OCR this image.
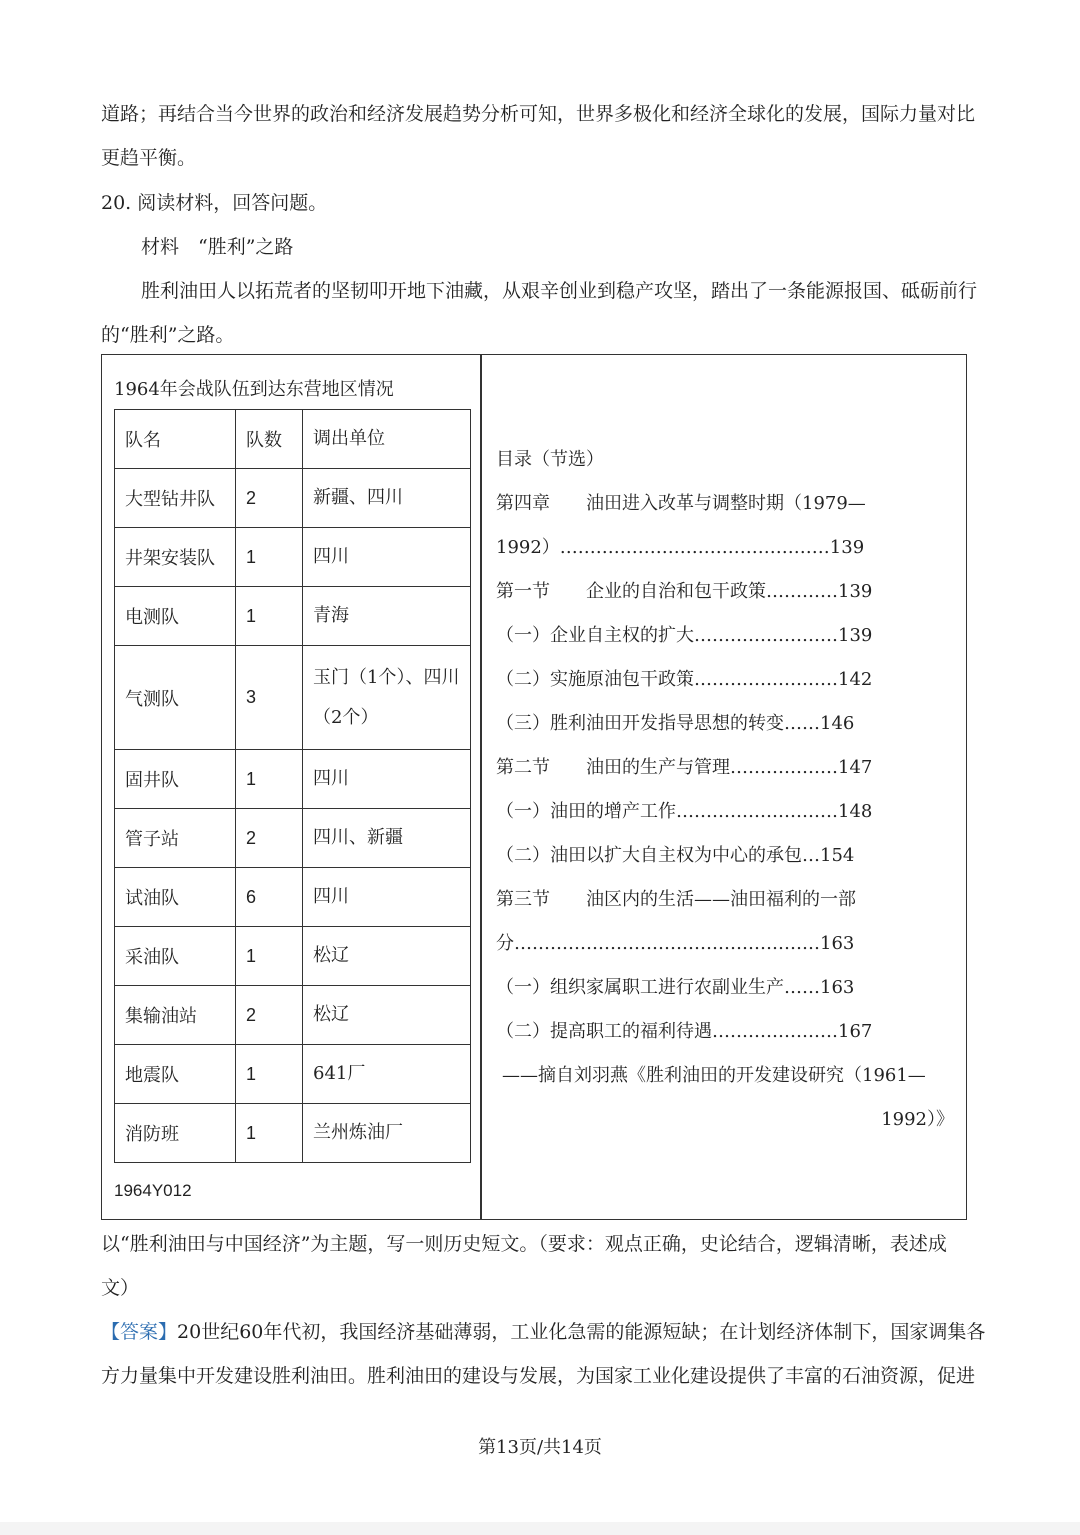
道路；再结合当今世界的政治和经济发展趋势分析可知，世界多极化和经济全球化的发展，国际力量对比
更趋平衡。
20. 阅读材料，回答问题。
材料　“胜利”之路
胜利油田人以拓荒者的坚韧叩开地下油藏，从艰辛创业到稳产攻坚，踏出了一条能源报国、砥砺前行
的“胜利”之路。
1964年会战队伍到达东营地区情况
队名	队数	调出单位
大型钻井队	2	新疆、四川
井架安装队	1	四川
电测队	1	青海
气测队	3	玉门（1个）、四川（2个）
固井队	1	四川
管子站	2	四川、新疆
试油队	6	四川
采油队	1	松辽
集输油站	2	松辽
地震队	1	641厂
消防班	1	兰州炼油厂
1964Y012
目录（节选）
第四章　　油田进入改革与调整时期（1979—
1992）………………………………………139
第一节　　企业的自治和包干政策…………139
（一）企业自主权的扩大……………………139
（二）实施原油包干政策……………………142
（三）胜利油田开发指导思想的转变……146
第二节　　油田的生产与管理………………147
（一）油田的增产工作………………………148
（二）油田以扩大自主权为中心的承包…154
第三节　　油区内的生活——油田福利的一部
分……………………………………………163
（一）组织家属职工进行农副业生产……163
（二）提高职工的福利待遇…………………167
——摘自刘羽燕《胜利油田的开发建设研究（1961—
1992）》
以“胜利油田与中国经济”为主题，写一则历史短文。（要求：观点正确，史论结合，逻辑清晰，表述成
文）
【答案】20世纪60年代初，我国经济基础薄弱，工业化急需的能源短缺；在计划经济体制下，国家调集各
方力量集中开发建设胜利油田。胜利油田的建设与发展，为国家工业化建设提供了丰富的石油资源，促进
第13页/共14页
